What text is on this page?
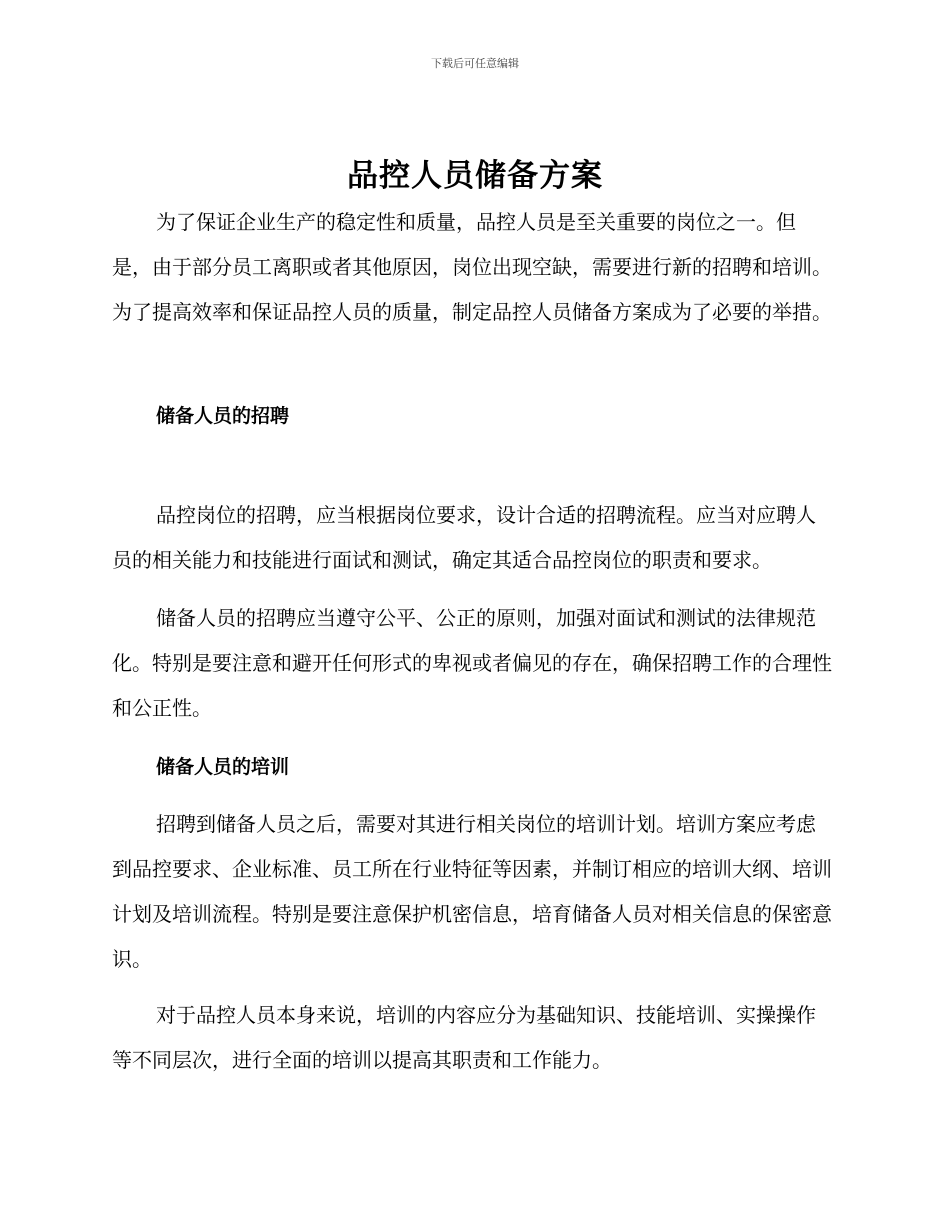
下载后可任意编辑
品控人员储备方案

为了保证企业生产的稳定性和质量，品控人员是至关重要的岗位之一。但是，由于部分员工离职或者其他原因，岗位出现空缺，需要进行新的招聘和培训。为了提高效率和保证品控人员的质量，制定品控人员储备方案成为了必要的举措。

储备人员的招聘

品控岗位的招聘，应当根据岗位要求，设计合适的招聘流程。应当对应聘人员的相关能力和技能进行面试和测试，确定其适合品控岗位的职责和要求。

储备人员的招聘应当遵守公平、公正的原则，加强对面试和测试的法律规范化。特别是要注意和避开任何形式的卑视或者偏见的存在，确保招聘工作的合理性和公正性。

储备人员的培训

招聘到储备人员之后，需要对其进行相关岗位的培训计划。培训方案应考虑到品控要求、企业标准、员工所在行业特征等因素，并制订相应的培训大纲、培训计划及培训流程。特别是要注意保护机密信息，培育储备人员对相关信息的保密意识。

对于品控人员本身来说，培训的内容应分为基础知识、技能培训、实操操作等不同层次，进行全面的培训以提高其职责和工作能力。
